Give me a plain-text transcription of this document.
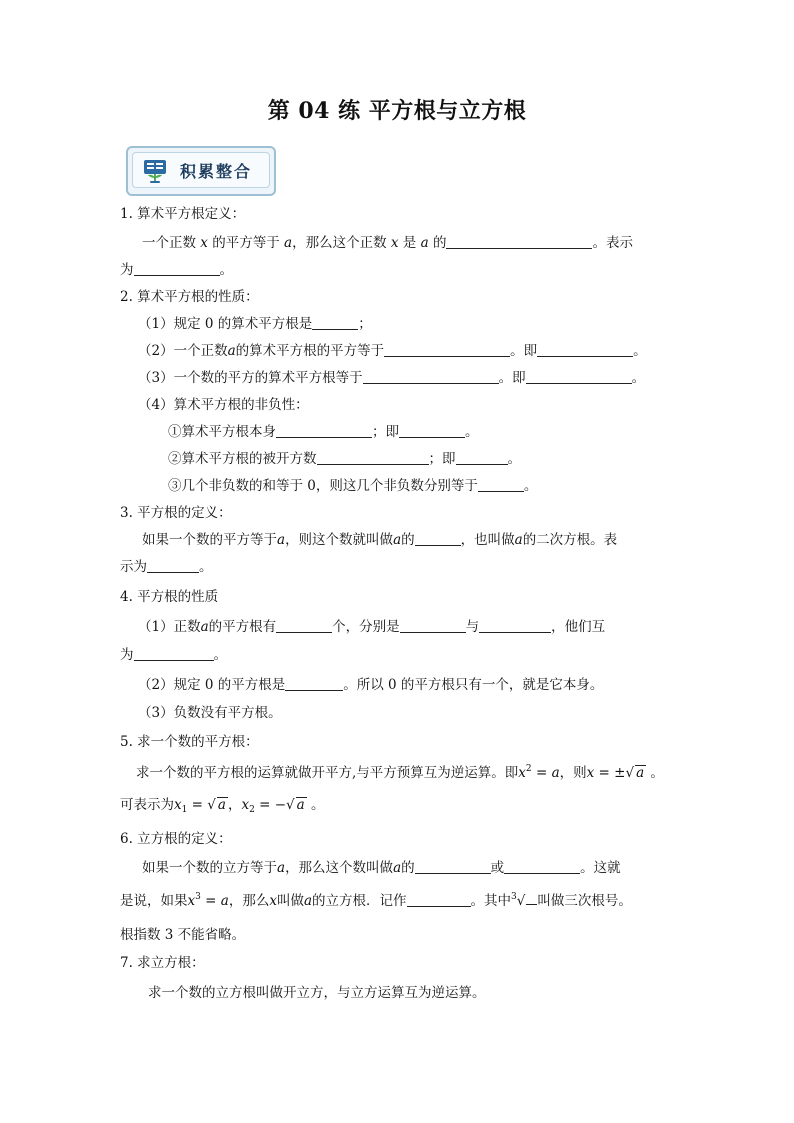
第 04 练 平方根与立方根
积累整合
1. 算术平方根定义：
一个正数 x 的平方等于 a，那么这个正数 x 是 a 的	。表示
为	。
2. 算术平方根的性质：
（1）规定 0 的算术平方根是	；
（2）一个正数a的算术平方根的平方等于	。即	。
（3）一个数的平方的算术平方根等于	。即	。
（4）算术平方根的非负性：
①算术平方根本身	；即	。
②算术平方根的被开方数	；即	。
③几个非负数的和等于 0，则这几个非负数分别等于	。
3. 平方根的定义：
如果一个数的平方等于a，则这个数就叫做a的	，也叫做a的二次方根。表
示为	。
4. 平方根的性质
（1）正数a的平方根有	个，分别是	与	，他们互
为	。
（2）规定 0 的平方根是	。所以 0 的平方根只有一个，就是它本身。
（3）负数没有平方根。
5. 求一个数的平方根：
求一个数的平方根的运算就做开平方,与平方预算互为逆运算。即$x^2 = a$，则x = ±√ a 。
可表示为$x_1$ = √ a ，$x_2$ = −√ a 。
6. 立方根的定义：
如果一个数的立方等于a，那么这个数叫做a的	或	。这就
是说，如果$x^3 = a$，那么x叫做a的立方根．记作	。其中$^3$√ 叫做三次根号。
根指数 3 不能省略。
7. 求立方根：
求一个数的立方根叫做开立方，与立方运算互为逆运算。
